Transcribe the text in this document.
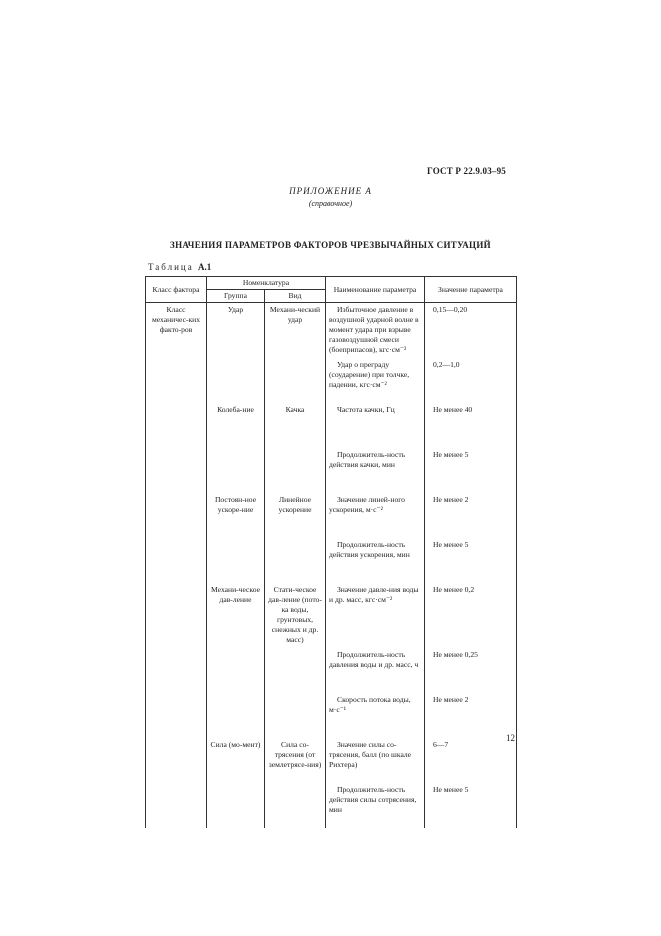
ГОСТ Р 22.9.03–95
ПРИЛОЖЕНИЕ А
(справочное)
ЗНАЧЕНИЯ ПАРАМЕТРОВ ФАКТОРОВ ЧРЕЗВЫЧАЙНЫХ СИТУАЦИЙ
Таблица А.1
Класс фактора	Номенклатура		Наименование параметра	Значение параметра
	Группа	Вид		
Класс механичес-ких факто-ров	Удар	Механи-ческий удар	Избыточное давление в воздушной ударной волне в момент удара при взрыве газовоздушной смеси (боеприпасов), кгс·см⁻²	0,15—0,20
			Удар о преграду (соударение) при толчке, падении, кгс·см⁻²	0,2—1,0
	Колеба-ние	Качка	Частота качки, Гц	Не менее 40
			Продолжитель-ность действия качки, мин	Не менее 5
	Постоян-ное ускоре-ние	Линейное ускорение	Значение линей-ного ускорения, м·с⁻²	Не менее 2
			Продолжитель-ность действия ускорения, мин	Не менее 5
	Механи-ческое дав-ление	Стати-ческое дав-ление (пото-ка воды, грунтовых, снежных и др. масс)	Значение давле-ния воды и др. масс, кгс·см⁻²	Не менее 0,2
			Продолжитель-ность давления воды и др. масс, ч	Не менее 0,25
			Скорость потока воды, м·с⁻¹	Не менее 2
	Сила (мо-мент)	Сила со-трясения (от землетрясе-ния)	Значение силы со-трясения, балл (по шкале Рихтера)	6—7
			Продолжитель-ность действия силы сотрясения, мин	Не менее 5
12
